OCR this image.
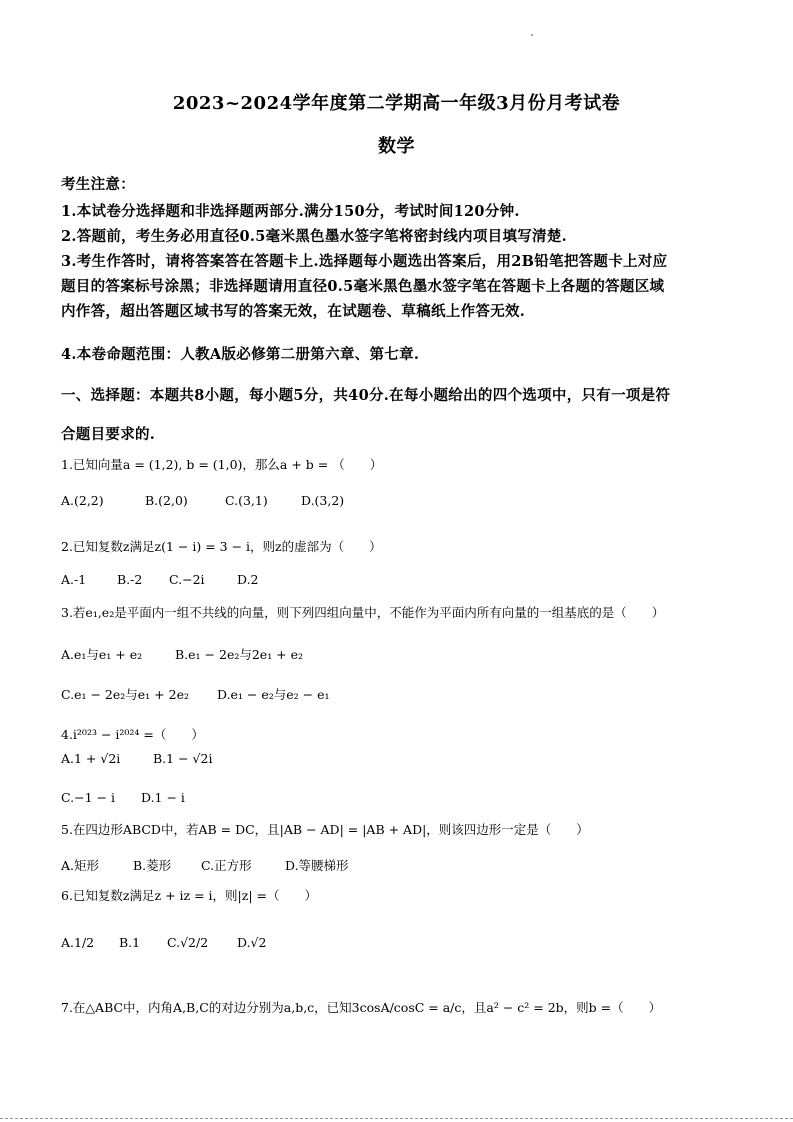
2023~2024学年度第二学期高一年级3月份月考试卷
数学
考生注意：
1.本试卷分选择题和非选择题两部分.满分150分，考试时间120分钟.
2.答题前，考生务必用直径0.5毫米黑色墨水签字笔将密封线内项目填写清楚.
3.考生作答时，请将答案答在答题卡上.选择题每小题选出答案后，用2B铅笔把答题卡上对应
题目的答案标号涂黑；非选择题请用直径0.5毫米黑色墨水签字笔在答题卡上各题的答题区域
内作答，超出答题区域书写的答案无效，在试题卷、草稿纸上作答无效.
4.本卷命题范围：人教A版必修第二册第六章、第七章.
一、选择题：本题共8小题，每小题5分，共40分.在每小题给出的四个选项中，只有一项是符
合题目要求的.
1.已知向量a = (1,2), b = (1,0)，那么a + b = （　　）
A.(2,2)	B.(2,0)	C.(3,1)	D.(3,2)
2.已知复数z满足z(1 − i) = 3 − i，则z的虚部为（　　）
A.-1 B.-2 C.−2i	D.2
3.若e₁,e₂是平面内一组不共线的向量，则下列四组向量中，不能作为平面内所有向量的一组基底的是（　　）
A.e₁与e₁ + e₂	B.e₁ − 2e₂与2e₁ + e₂
C.e₁ − 2e₂与e₁ + 2e₂ D.e₁ − e₂与e₂ − e₁
4.i²⁰²³ − i²⁰²⁴ =（　　）
A.1 + √2i	B.1 − √2i
C.−1 − i D.1 − i
5.在四边形ABCD中，若AB = DC，且|AB − AD| = |AB + AD|，则该四边形一定是（　　）
A.矩形	B.菱形 C.正方形	D.等腰梯形
6.已知复数z满足z + iz = i，则|z| =（　　）
A.1/2 B.1 C.√2/2 D.√2
7.在△ABC中，内角A,B,C的对边分别为a,b,c，已知3cosA/cosC = a/c，且a² − c² = 2b，则b =（　　）
